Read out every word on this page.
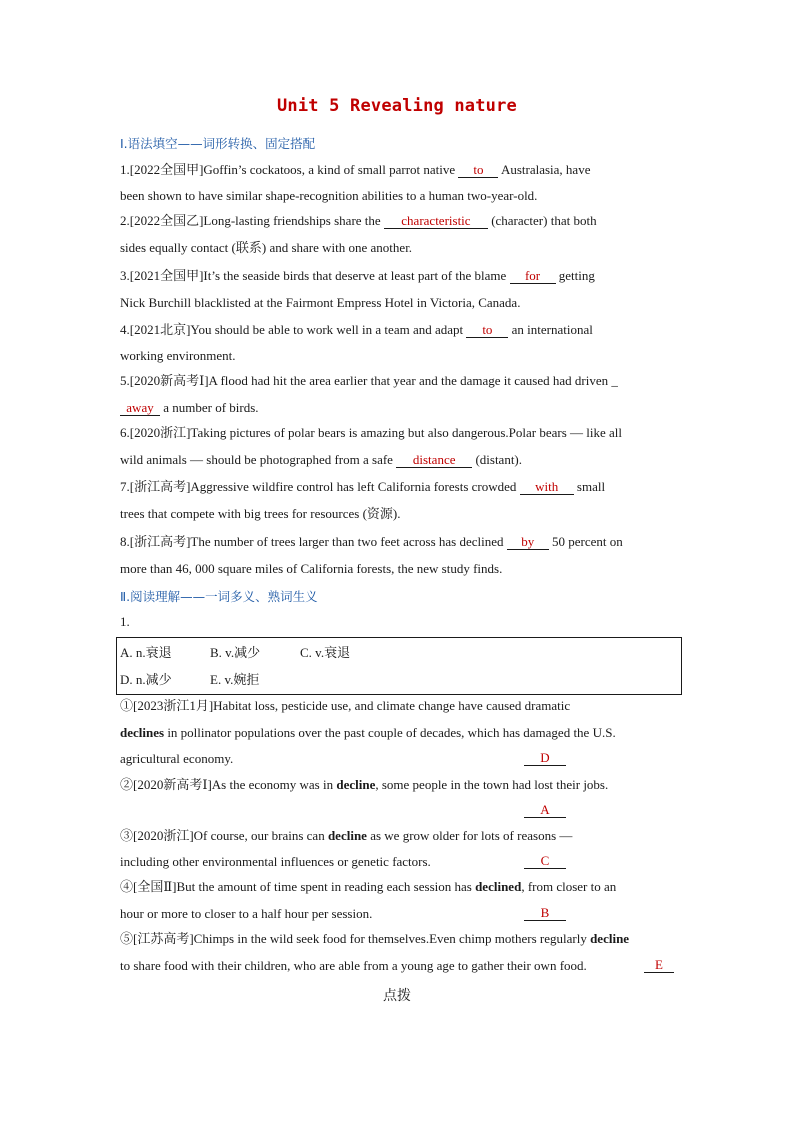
Unit 5 Revealing nature
Ⅰ.语法填空——词形转换、固定搭配
1.[2022全国甲]Goffin’s cockatoos, a kind of small parrot native to Australasia, have
been shown to have similar shape-recognition abilities to a human two-year-old.
2.[2022全国乙]Long-lasting friendships share the characteristic (character) that both
sides equally contact (联系) and share with one another.
3.[2021全国甲]It’s the seaside birds that deserve at least part of the blame for getting
Nick Burchill blacklisted at the Fairmont Empress Hotel in Victoria, Canada.
4.[2021北京]You should be able to work well in a team and adapt to an international
working environment.
5.[2020新高考Ⅰ]A flood had hit the area earlier that year and the damage it caused had driven _
away a number of birds.
6.[2020浙江]Taking pictures of polar bears is amazing but also dangerous.Polar bears — like all
wild animals — should be photographed from a safe distance (distant).
7.[浙江高考]Aggressive wildfire control has left California forests crowded with small
trees that compete with big trees for resources (资源).
8.[浙江高考]The number of trees larger than two feet across has declined by 50 percent on
more than 46, 000 square miles of California forests, the new study finds.
Ⅱ.阅读理解——一词多义、熟词生义
1.
A. n.衰退	B. v.减少	C. v.衰退
D. n.减少	E. v.婉拒
①[2023浙江1月]Habitat loss, pesticide use, and climate change have caused dramatic
declines in pollinator populations over the past couple of decades, which has damaged the U.S.
agricultural economy.	D
②[2020新高考Ⅰ]As the economy was in decline, some people in the town had lost their jobs.
A
③[2020浙江]Of course, our brains can decline as we grow older for lots of reasons —
including other environmental influences or genetic factors.	C
④[全国Ⅱ]But the amount of time spent in reading each session has declined, from closer to an
hour or more to closer to a half hour per session.	B
⑤[江苏高考]Chimps in the wild seek food for themselves.Even chimp mothers regularly decline
to share food with their children, who are able from a young age to gather their own food.	E
点拨
